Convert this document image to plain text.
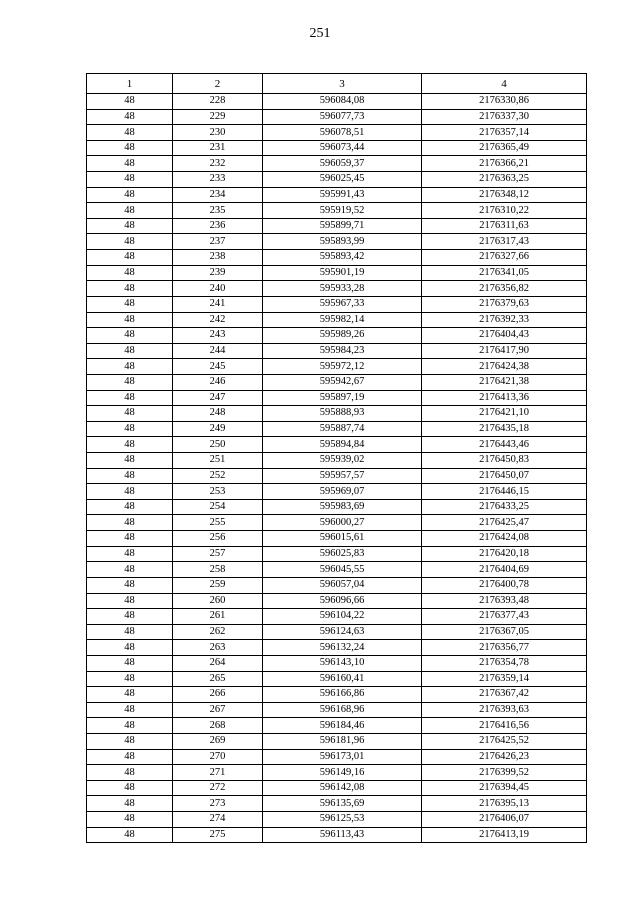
251
1	2	3	4
48	228	596084,08	2176330,86
48	229	596077,73	2176337,30
48	230	596078,51	2176357,14
48	231	596073,44	2176365,49
48	232	596059,37	2176366,21
48	233	596025,45	2176363,25
48	234	595991,43	2176348,12
48	235	595919,52	2176310,22
48	236	595899,71	2176311,63
48	237	595893,99	2176317,43
48	238	595893,42	2176327,66
48	239	595901,19	2176341,05
48	240	595933,28	2176356,82
48	241	595967,33	2176379,63
48	242	595982,14	2176392,33
48	243	595989,26	2176404,43
48	244	595984,23	2176417,90
48	245	595972,12	2176424,38
48	246	595942,67	2176421,38
48	247	595897,19	2176413,36
48	248	595888,93	2176421,10
48	249	595887,74	2176435,18
48	250	595894,84	2176443,46
48	251	595939,02	2176450,83
48	252	595957,57	2176450,07
48	253	595969,07	2176446,15
48	254	595983,69	2176433,25
48	255	596000,27	2176425,47
48	256	596015,61	2176424,08
48	257	596025,83	2176420,18
48	258	596045,55	2176404,69
48	259	596057,04	2176400,78
48	260	596096,66	2176393,48
48	261	596104,22	2176377,43
48	262	596124,63	2176367,05
48	263	596132,24	2176356,77
48	264	596143,10	2176354,78
48	265	596160,41	2176359,14
48	266	596166,86	2176367,42
48	267	596168,96	2176393,63
48	268	596184,46	2176416,56
48	269	596181,96	2176425,52
48	270	596173,01	2176426,23
48	271	596149,16	2176399,52
48	272	596142,08	2176394,45
48	273	596135,69	2176395,13
48	274	596125,53	2176406,07
48	275	596113,43	2176413,19
